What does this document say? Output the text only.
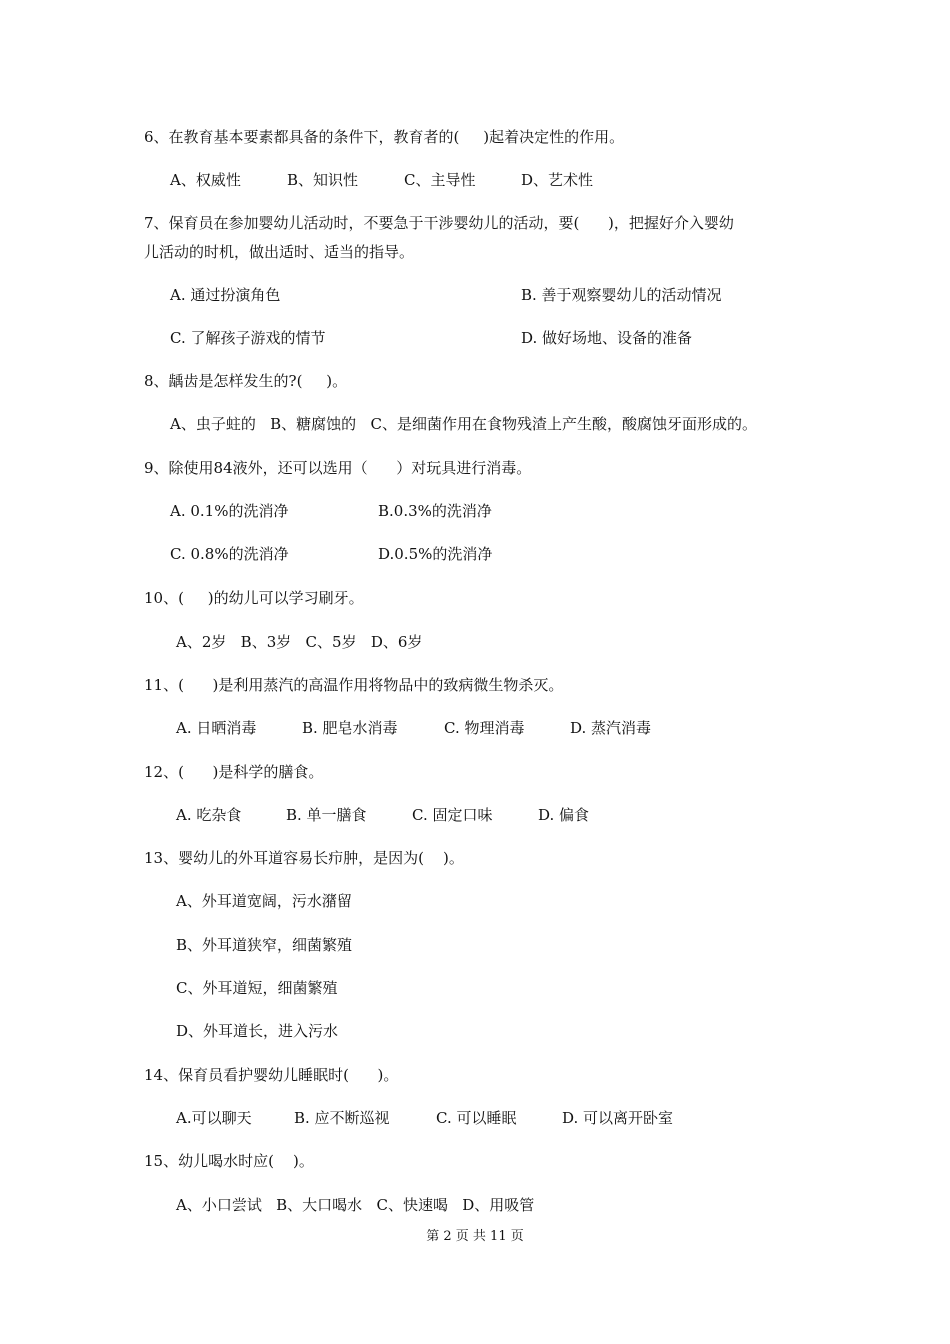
6、在教育基本要素都具备的条件下，教育者的(     )起着决定性的作用。
A、权威性	B、知识性	C、主导性	D、艺术性
7、保育员在参加婴幼儿活动时，不要急于干涉婴幼儿的活动，要(      )，把握好介入婴幼
儿活动的时机，做出适时、适当的指导。
A. 通过扮演角色	B. 善于观察婴幼儿的活动情况
C. 了解孩子游戏的情节	D. 做好场地、设备的准备
8、龋齿是怎样发生的?(     )。
A、虫子蛀的   B、糖腐蚀的   C、是细菌作用在食物残渣上产生酸，酸腐蚀牙面形成的。
9、除使用84液外，还可以选用（      ）对玩具进行消毒。
A. 0.1%的洗消净	B.0.3%的洗消净
C. 0.8%的洗消净	D.0.5%的洗消净
10、(     )的幼儿可以学习刷牙。
A、2岁   B、3岁   C、5岁   D、6岁
11、(      )是利用蒸汽的高温作用将物品中的致病微生物杀灭。
A. 日晒消毒	B. 肥皂水消毒	C. 物理消毒	D. 蒸汽消毒
12、(      )是科学的膳食。
A. 吃杂食	B. 单一膳食	C. 固定口味	D. 偏食
13、婴幼儿的外耳道容易长疖肿，是因为(    )。
A、外耳道宽阔，污水潴留
B、外耳道狭窄，细菌繁殖
C、外耳道短，细菌繁殖
D、外耳道长，进入污水
14、保育员看护婴幼儿睡眠时(      )。
A.可以聊天	B. 应不断巡视	C. 可以睡眠	D. 可以离开卧室
15、幼儿喝水时应(    )。
A、小口尝试   B、大口喝水   C、快速喝   D、用吸管
第 2 页 共 11 页
